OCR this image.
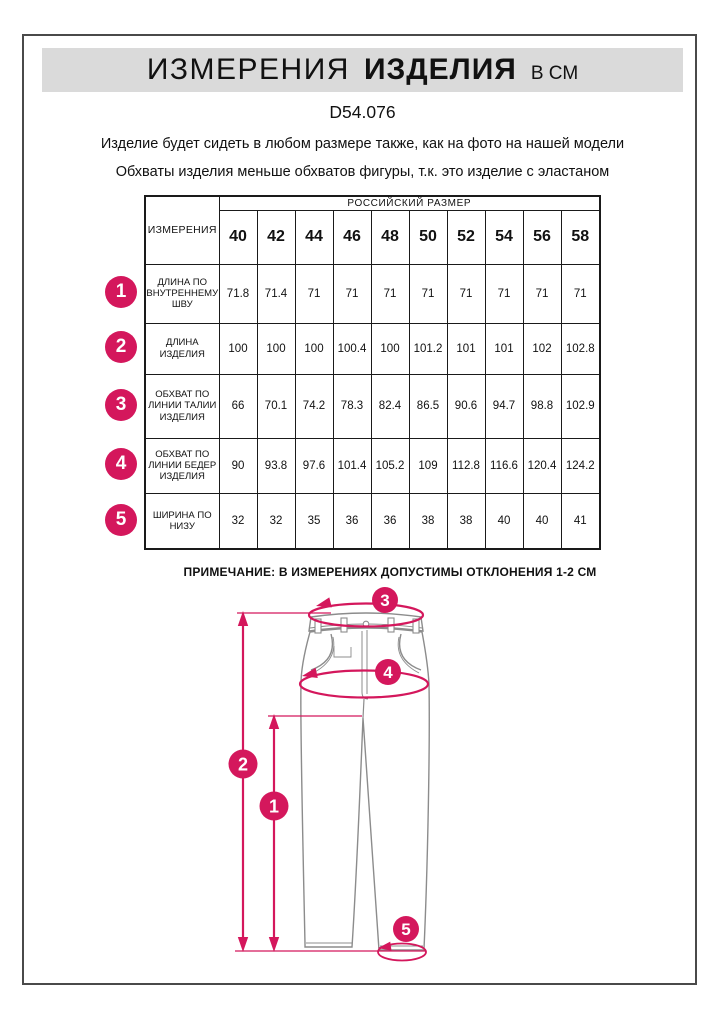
ИЗМЕРЕНИЯ ИЗДЕЛИЯ В СМ
D54.076
Изделие будет сидеть в любом размере также, как на фото на нашей модели
Обхваты изделия меньше обхватов фигуры, т.к. это изделие с эластаном
1
2
3
4
5
ИЗМЕРЕНИЯ	РОССИЙСКИЙ РАЗМЕР									
	40	42	44	46	48	50	52	54	56	58
ДЛИНА ПО ВНУТРЕННЕМУ ШВУ	71.8	71.4	71	71	71	71	71	71	71	71
ДЛИНА ИЗДЕЛИЯ	100	100	100	100.4	100	101.2	101	101	102	102.8
ОБХВАТ ПО ЛИНИИ ТАЛИИ ИЗДЕЛИЯ	66	70.1	74.2	78.3	82.4	86.5	90.6	94.7	98.8	102.9
ОБХВАТ ПО ЛИНИИ БЕДЕР ИЗДЕЛИЯ	90	93.8	97.6	101.4	105.2	109	112.8	116.6	120.4	124.2
ШИРИНА ПО НИЗУ	32	32	35	36	36	38	38	40	40	41
ПРИМЕЧАНИЕ: В ИЗМЕРЕНИЯХ ДОПУСТИМЫ ОТКЛОНЕНИЯ 1-2 СМ
3
4
2
1
5
